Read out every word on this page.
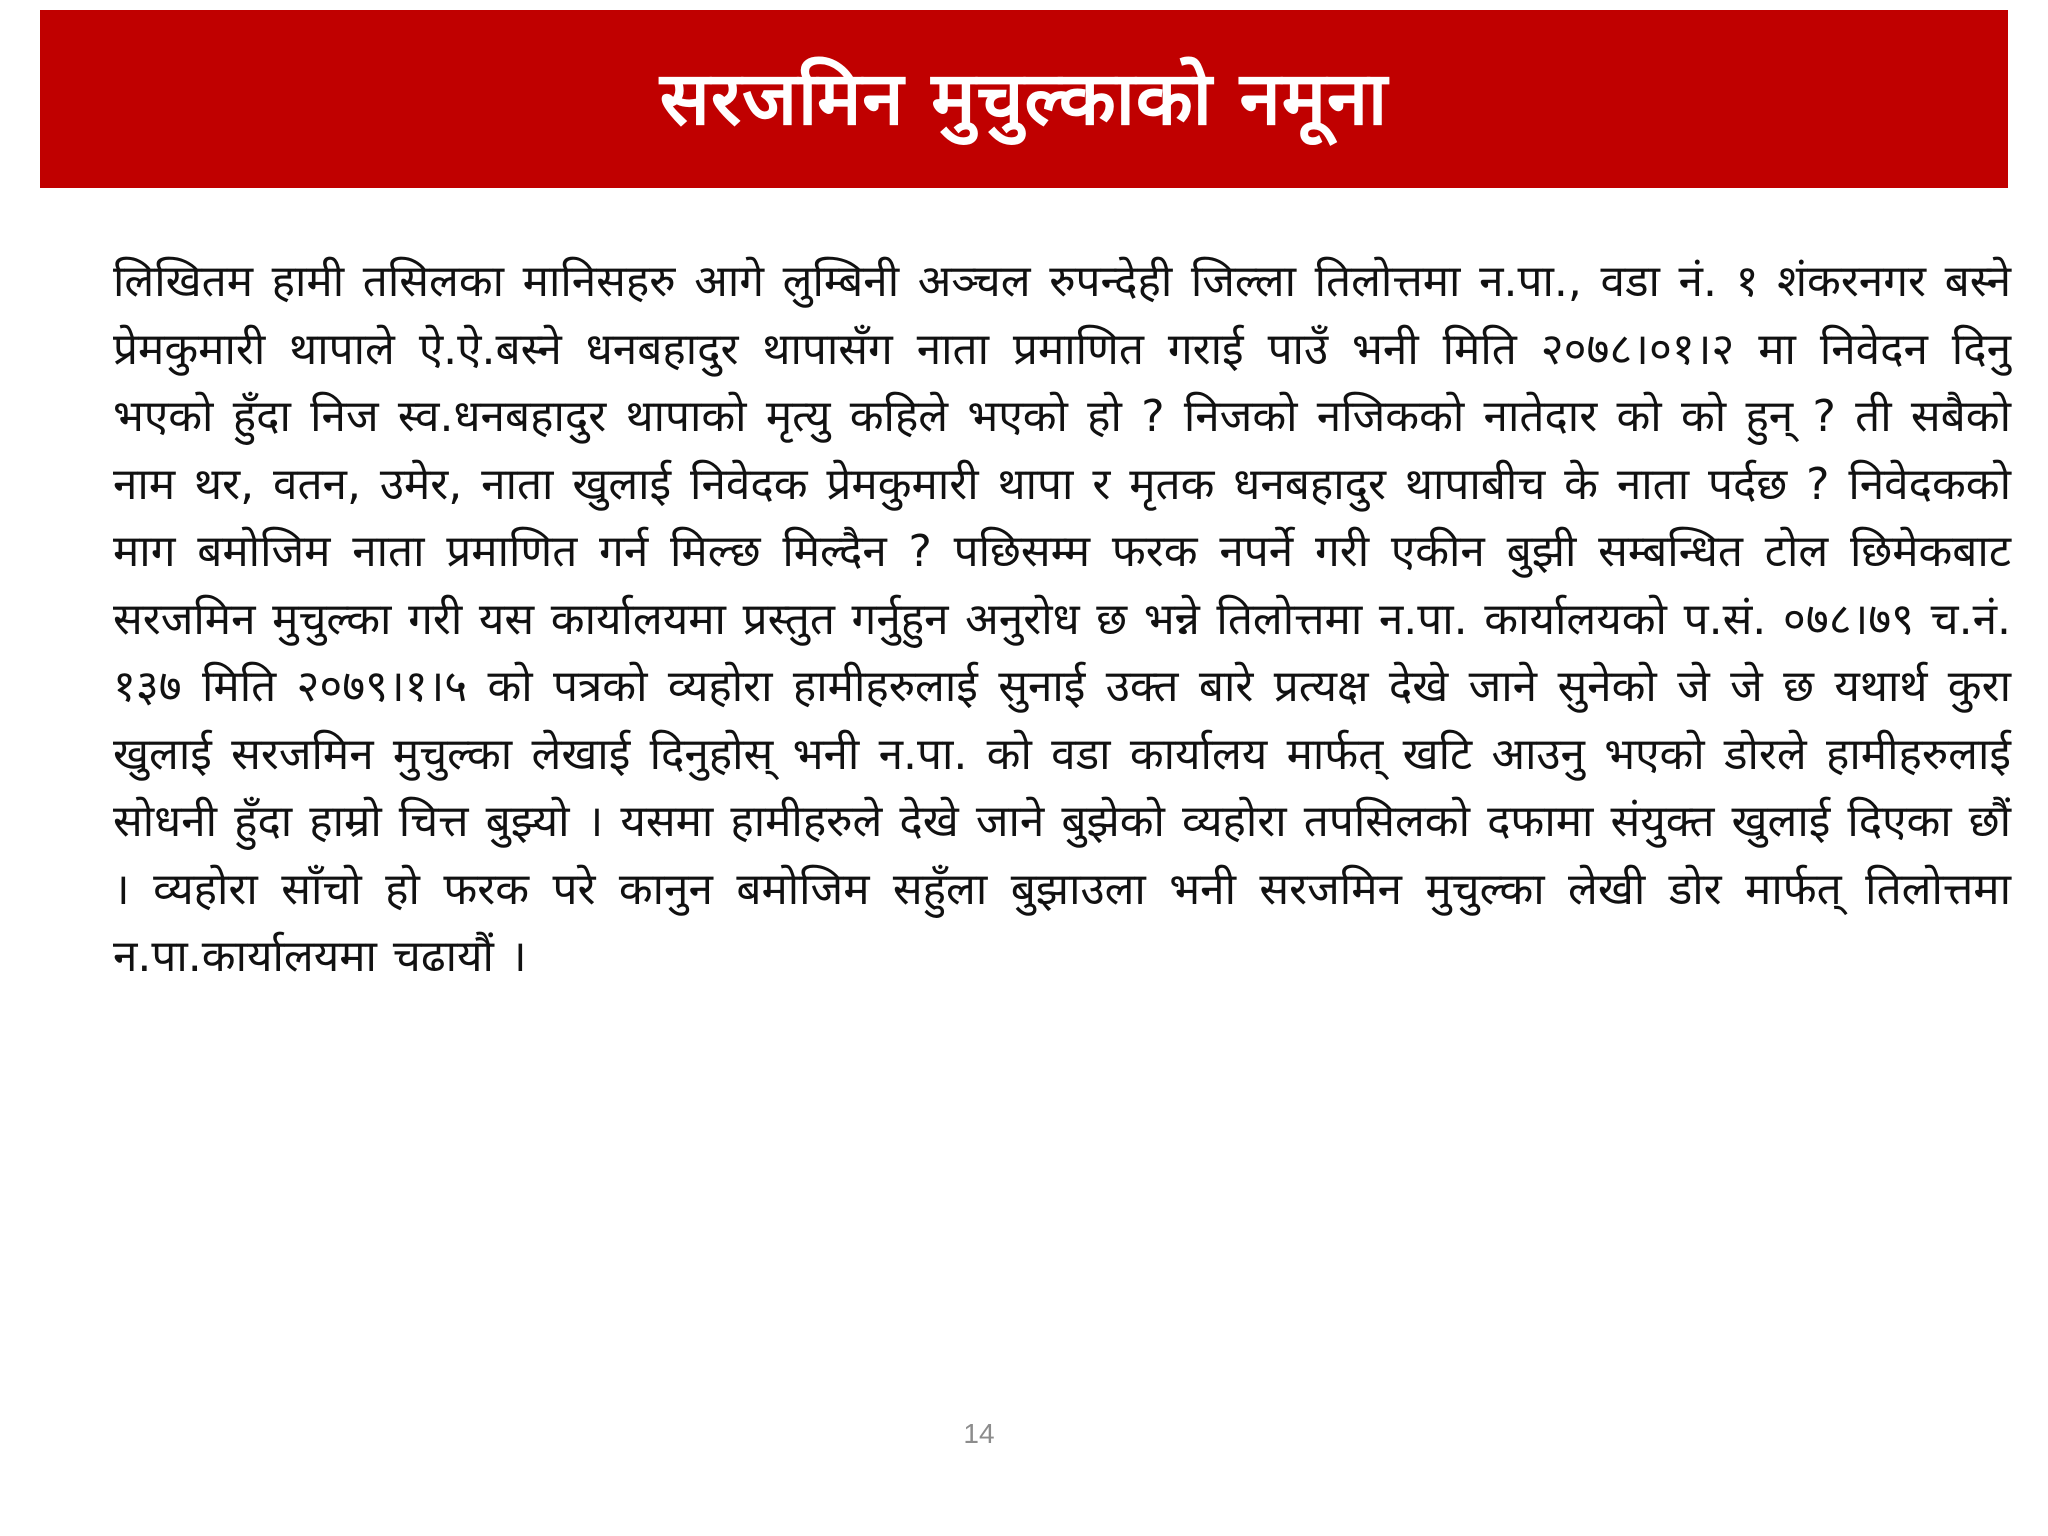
सरजमिन मुचुल्काको नमूना

लिखितम हामी तसिलका मानिसहरु आगे लुम्बिनी अञ्चल रुपन्देही जिल्ला तिलोत्तमा न.पा., वडा नं. १ शंकरनगर बस्ने प्रेमकुमारी थापाले ऐ.ऐ.बस्ने धनबहादुर थापासँग नाता प्रमाणित गराई पाउँ भनी मिति २०७८।०१।२ मा निवेदन दिनु भएको हुँदा निज स्व.धनबहादुर थापाको मृत्यु कहिले भएको हो ? निजको नजिकको नातेदार को को हुन् ? ती सबैको नाम थर, वतन, उमेर, नाता खुलाई निवेदक प्रेमकुमारी थापा र मृतक धनबहादुर थापाबीच के नाता पर्दछ ? निवेदकको माग बमोजिम नाता प्रमाणित गर्न मिल्छ मिल्दैन ? पछिसम्म फरक नपर्ने गरी एकीन बुझी सम्बन्धित टोल छिमेकबाट सरजमिन मुचुल्का गरी यस कार्यालयमा प्रस्तुत गर्नुहुन अनुरोध छ भन्ने तिलोत्तमा न.पा. कार्यालयको प.सं. ०७८।७९ च.नं. १३७ मिति २०७९।१।५ को पत्रको व्यहोरा हामीहरुलाई सुनाई उक्त बारे प्रत्यक्ष देखे जाने सुनेको जे जे छ यथार्थ कुरा खुलाई सरजमिन मुचुल्का लेखाई दिनुहोस् भनी न.पा. को वडा कार्यालय मार्फत् खटि आउनु भएको डोरले हामीहरुलाई सोधनी हुँदा हाम्रो चित्त बुझ्यो । यसमा हामीहरुले देखे जाने बुझेको व्यहोरा तपसिलको दफामा संयुक्त खुलाई दिएका छौं । व्यहोरा साँचो हो फरक परे कानुन बमोजिम सहुँला बुझाउला भनी सरजमिन मुचुल्का लेखी डोर मार्फत् तिलोत्तमा न.पा.कार्यालयमा चढायौं ।

14
